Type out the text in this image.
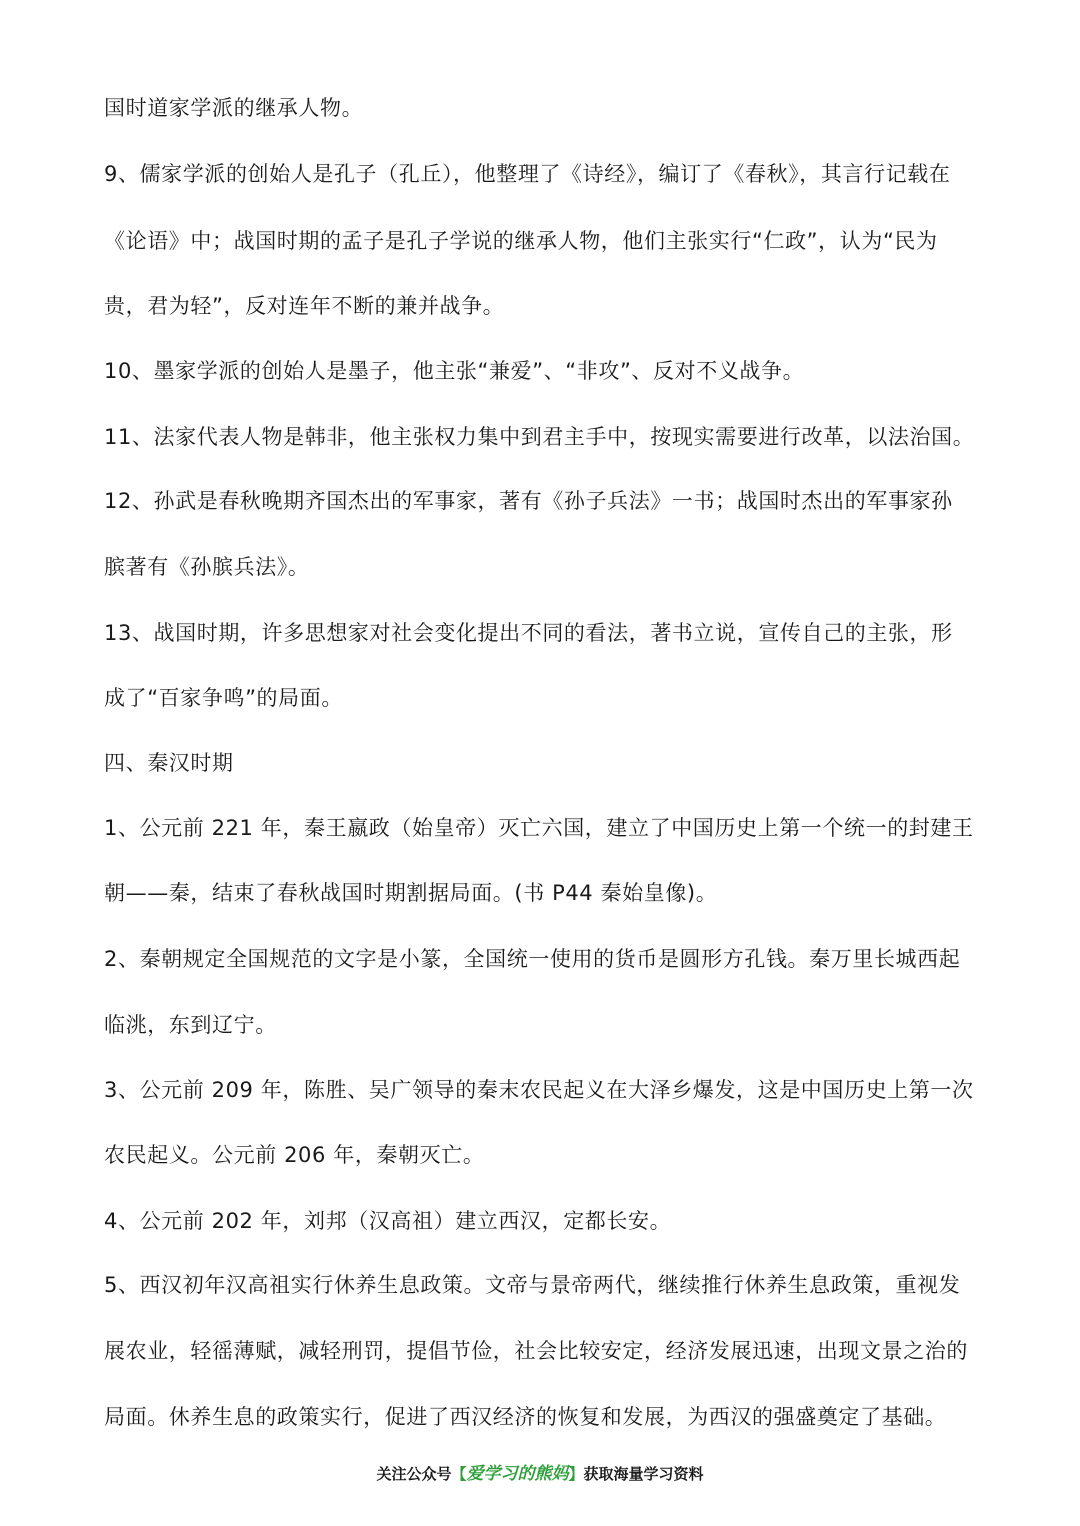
国时道家学派的继承人物。
9、儒家学派的创始人是孔子（孔丘），他整理了《诗经》，编订了《春秋》，其言行记载在
《论语》中；战国时期的孟子是孔子学说的继承人物，他们主张实行“仁政”，认为“民为
贵，君为轻”，反对连年不断的兼并战争。
10、墨家学派的创始人是墨子，他主张“兼爱”、“非攻”、反对不义战争。
11、法家代表人物是韩非，他主张权力集中到君主手中，按现实需要进行改革，以法治国。
12、孙武是春秋晚期齐国杰出的军事家，著有《孙子兵法》一书；战国时杰出的军事家孙
膑著有《孙膑兵法》。
13、战国时期，许多思想家对社会变化提出不同的看法，著书立说，宣传自己的主张，形
成了“百家争鸣”的局面。
四、秦汉时期
1、公元前 221 年，秦王嬴政（始皇帝）灭亡六国，建立了中国历史上第一个统一的封建王
朝——秦，结束了春秋战国时期割据局面。(书 P44 秦始皇像)。
2、秦朝规定全国规范的文字是小篆，全国统一使用的货币是圆形方孔钱。秦万里长城西起
临洮，东到辽宁。
3、公元前 209 年，陈胜、吴广领导的秦末农民起义在大泽乡爆发，这是中国历史上第一次
农民起义。公元前 206 年，秦朝灭亡。
4、公元前 202 年，刘邦（汉高祖）建立西汉，定都长安。
5、西汉初年汉高祖实行休养生息政策。文帝与景帝两代，继续推行休养生息政策，重视发
展农业，轻徭薄赋，减轻刑罚，提倡节俭，社会比较安定，经济发展迅速，出现文景之治的
局面。休养生息的政策实行，促进了西汉经济的恢复和发展，为西汉的强盛奠定了基础。
关注公众号【爱学习的熊妈】获取海量学习资料
